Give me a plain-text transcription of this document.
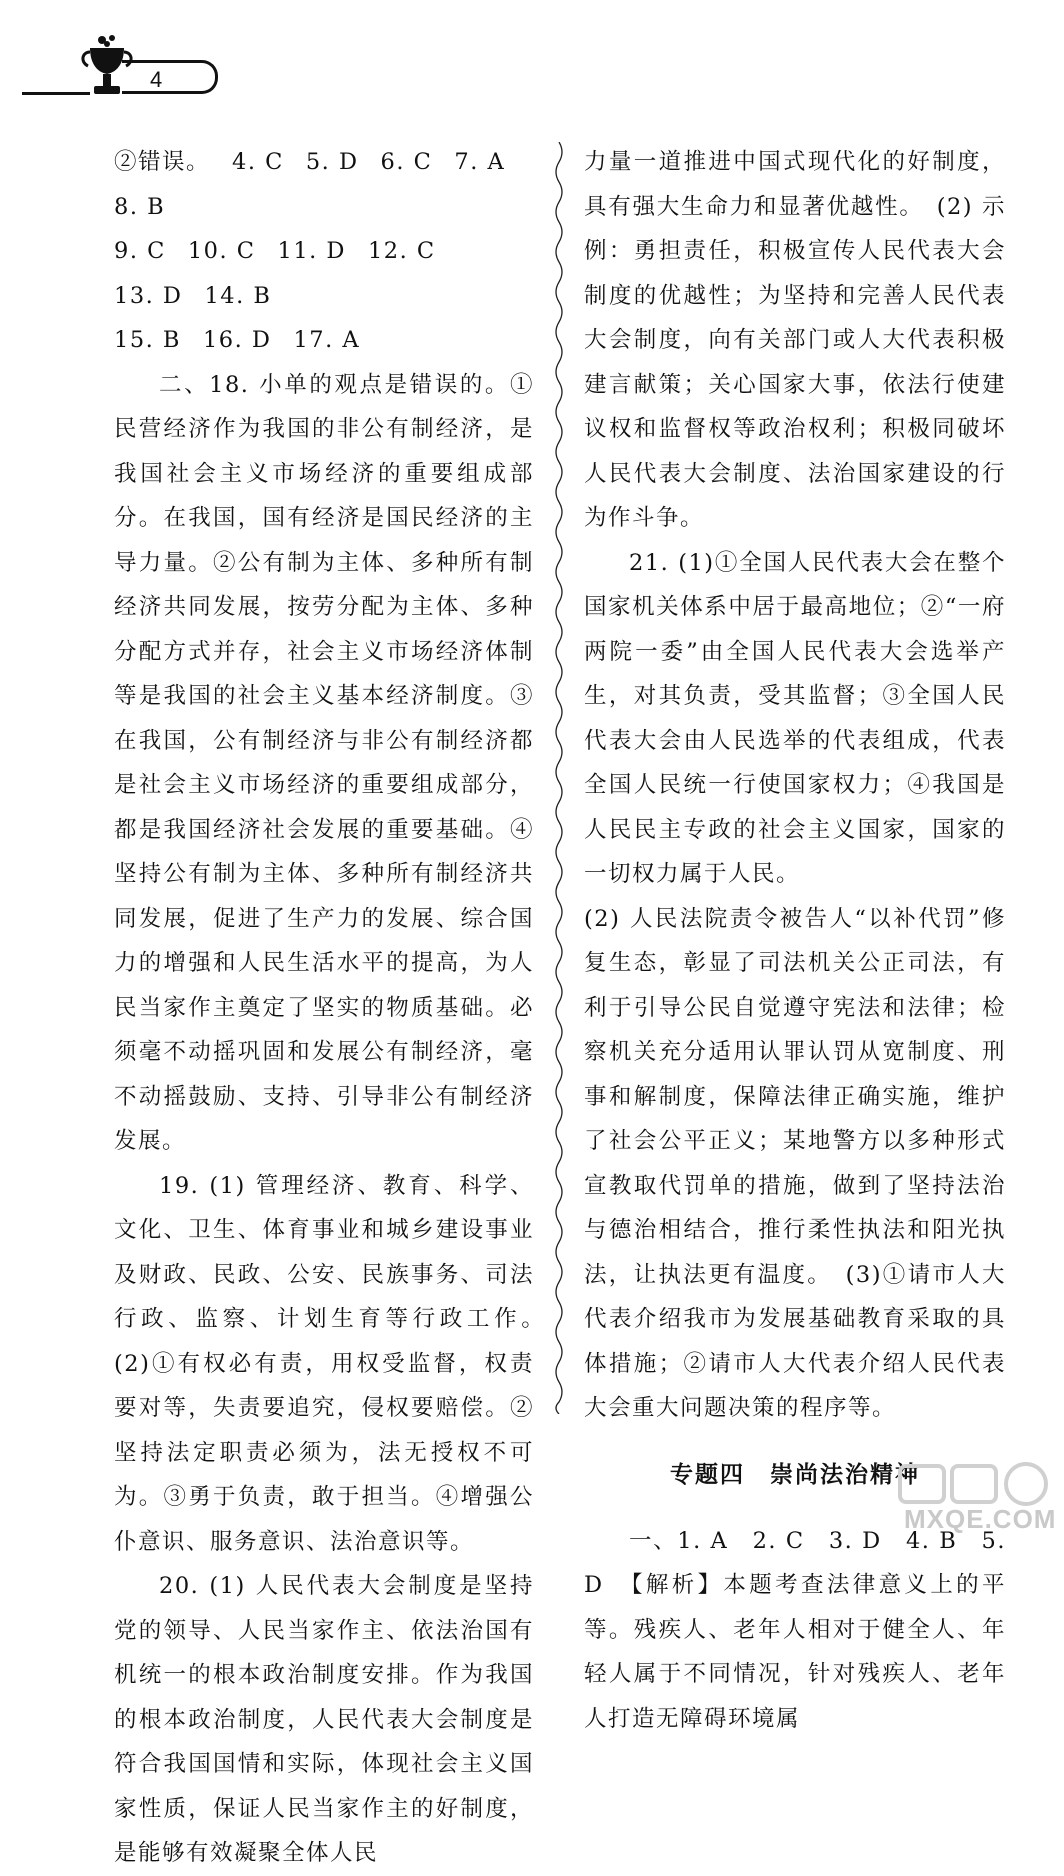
4

②错误。 4. C 5. D 6. C 7. A8. B

9. C 10. C 11. D 12. C13. D 14. B

15. B 16. D 17. A

二、18. 小单的观点是错误的。①民营经济作为我国的非公有制经济，是我国社会主义市场经济的重要组成部分。在我国，国有经济是国民经济的主导力量。②公有制为主体、多种所有制经济共同发展，按劳分配为主体、多种分配方式并存，社会主义市场经济体制等是我国的社会主义基本经济制度。③在我国，公有制经济与非公有制经济都是社会主义市场经济的重要组成部分，都是我国经济社会发展的重要基础。④坚持公有制为主体、多种所有制经济共同发展，促进了生产力的发展、综合国力的增强和人民生活水平的提高，为人民当家作主奠定了坚实的物质基础。必须毫不动摇巩固和发展公有制经济，毫不动摇鼓励、支持、引导非公有制经济发展。

19. (1) 管理经济、教育、科学、文化、卫生、体育事业和城乡建设事业及财政、民政、公安、民族事务、司法行政、监察、计划生育等行政工作。　(2)①有权必有责，用权受监督，权责要对等，失责要追究，侵权要赔偿。②坚持法定职责必须为，法无授权不可为。③勇于负责，敢于担当。④增强公仆意识、服务意识、法治意识等。

20. (1) 人民代表大会制度是坚持党的领导、人民当家作主、依法治国有机统一的根本政治制度安排。作为我国的根本政治制度，人民代表大会制度是符合我国国情和实际，体现社会主义国家性质，保证人民当家作主的好制度，是能够有效凝聚全体人民

力量一道推进中国式现代化的好制度，具有强大生命力和显著优越性。　(2) 示例：勇担责任，积极宣传人民代表大会制度的优越性；为坚持和完善人民代表大会制度，向有关部门或人大代表积极建言献策；关心国家大事，依法行使建议权和监督权等政治权利；积极同破坏人民代表大会制度、法治国家建设的行为作斗争。

21. (1)①全国人民代表大会在整个国家机关体系中居于最高地位；②“一府两院一委”由全国人民代表大会选举产生，对其负责，受其监督；③全国人民代表大会由人民选举的代表组成，代表全国人民统一行使国家权力；④我国是人民民主专政的社会主义国家，国家的一切权力属于人民。

(2) 人民法院责令被告人“以补代罚”修复生态，彰显了司法机关公正司法，有利于引导公民自觉遵守宪法和法律；检察机关充分适用认罪认罚从宽制度、刑事和解制度，保障法律正确实施，维护了社会公平正义；某地警方以多种形式宣教取代罚单的措施，做到了坚持法治与德治相结合，推行柔性执法和阳光执法，让执法更有温度。　(3)①请市人大代表介绍我市为发展基础教育采取的具体措施；②请市人大代表介绍人民代表大会重大问题决策的程序等。

专题四　崇尚法治精神

一、1. A　2. C　3. D　4. B　5. D　【解析】本题考查法律意义上的平等。残疾人、老年人相对于健全人、年轻人属于不同情况，针对残疾人、老年人打造无障碍环境属

MXQE.COM
